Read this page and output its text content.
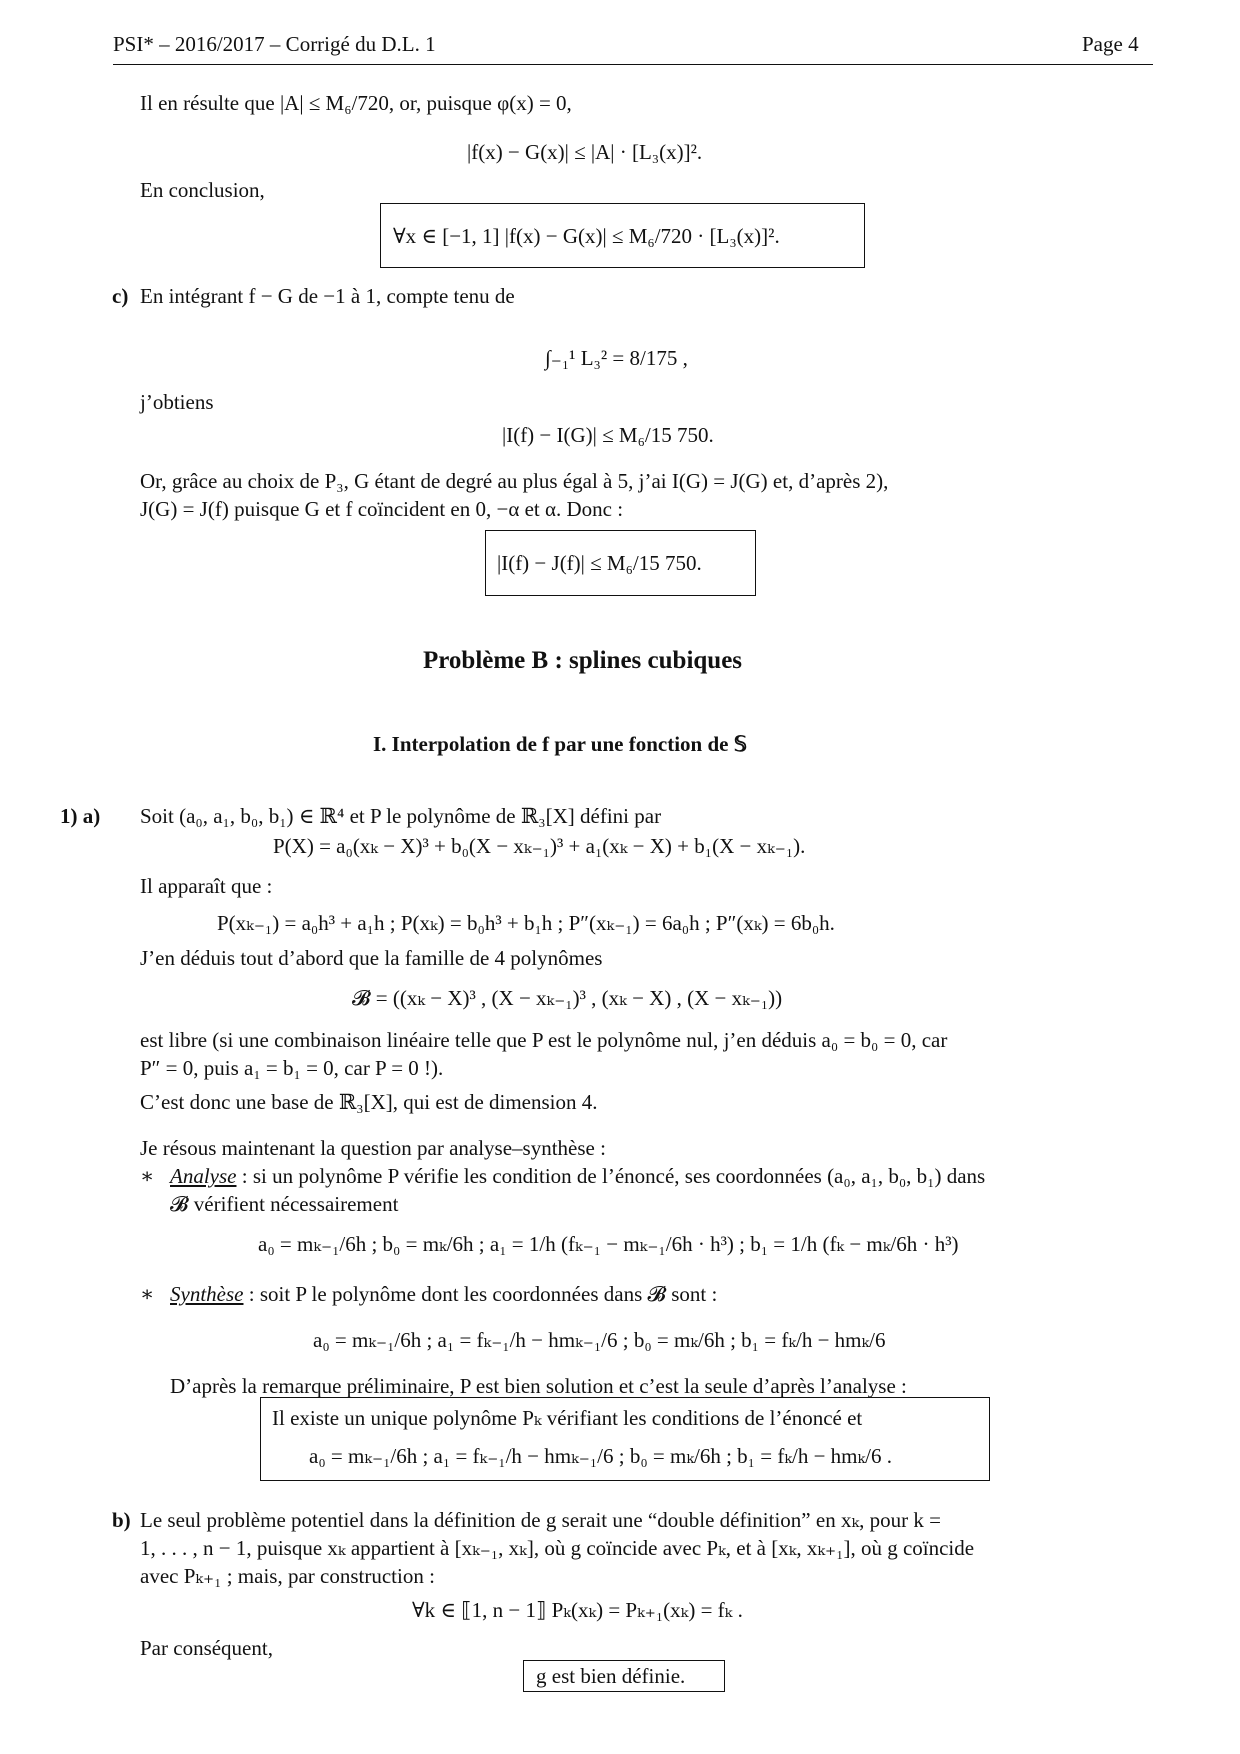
PSI* – 2016/2017 – Corrigé du D.L. 1	Page 4
Il en résulte que |A| ≤ M₆/720, or, puisque φ(x) = 0,
|f(x) − G(x)| ≤ |A| · [L₃(x)]².
En conclusion,
∀x ∈ [−1, 1] |f(x) − G(x)| ≤ M₆/720 · [L₃(x)]².
c) En intégrant f − G de −1 à 1, compte tenu de
∫₋₁¹ L₃² = 8/175 ,
j’obtiens
|I(f) − I(G)| ≤ M₆/15 750.
Or, grâce au choix de P₃, G étant de degré au plus égal à 5, j’ai I(G) = J(G) et, d’après 2),
J(G) = J(f) puisque G et f coïncident en 0, −α et α. Donc :
|I(f) − J(f)| ≤ M₆/15 750.
Problème B : splines cubiques
I. Interpolation de f par une fonction de 𝕊
1) a) Soit (a₀, a₁, b₀, b₁) ∈ ℝ⁴ et P le polynôme de ℝ₃[X] défini par
P(X) = a₀(xₖ − X)³ + b₀(X − xₖ₋₁)³ + a₁(xₖ − X) + b₁(X − xₖ₋₁).
Il apparaît que :
P(xₖ₋₁) = a₀h³ + a₁h ; P(xₖ) = b₀h³ + b₁h ; P″(xₖ₋₁) = 6a₀h ; P″(xₖ) = 6b₀h.
J’en déduis tout d’abord que la famille de 4 polynômes
𝓑 = ((xₖ − X)³ , (X − xₖ₋₁)³ , (xₖ − X) , (X − xₖ₋₁))
est libre (si une combinaison linéaire telle que P est le polynôme nul, j’en déduis a₀ = b₀ = 0, car
P″ = 0, puis a₁ = b₁ = 0, car P = 0 !).
C’est donc une base de ℝ₃[X], qui est de dimension 4.
Je résous maintenant la question par analyse–synthèse :
∗ Analyse : si un polynôme P vérifie les condition de l’énoncé, ses coordonnées (a₀, a₁, b₀, b₁) dans
𝓑 vérifient nécessairement
a₀ = mₖ₋₁/6h ; b₀ = mₖ/6h ; a₁ = 1/h (fₖ₋₁ − mₖ₋₁/6h · h³) ; b₁ = 1/h (fₖ − mₖ/6h · h³)
∗ Synthèse : soit P le polynôme dont les coordonnées dans 𝓑 sont :
a₀ = mₖ₋₁/6h ; a₁ = fₖ₋₁/h − hmₖ₋₁/6 ; b₀ = mₖ/6h ; b₁ = fₖ/h − hmₖ/6
D’après la remarque préliminaire, P est bien solution et c’est la seule d’après l’analyse :
Il existe un unique polynôme Pₖ vérifiant les conditions de l’énoncé et
a₀ = mₖ₋₁/6h ; a₁ = fₖ₋₁/h − hmₖ₋₁/6 ; b₀ = mₖ/6h ; b₁ = fₖ/h − hmₖ/6 .
b) Le seul problème potentiel dans la définition de g serait une “double définition” en xₖ, pour k =
1, . . . , n − 1, puisque xₖ appartient à [xₖ₋₁, xₖ], où g coïncide avec Pₖ, et à [xₖ, xₖ₊₁], où g coïncide
avec Pₖ₊₁ ; mais, par construction :
∀k ∈ ⟦1, n − 1⟧ Pₖ(xₖ) = Pₖ₊₁(xₖ) = fₖ .
Par conséquent,
g est bien définie.
